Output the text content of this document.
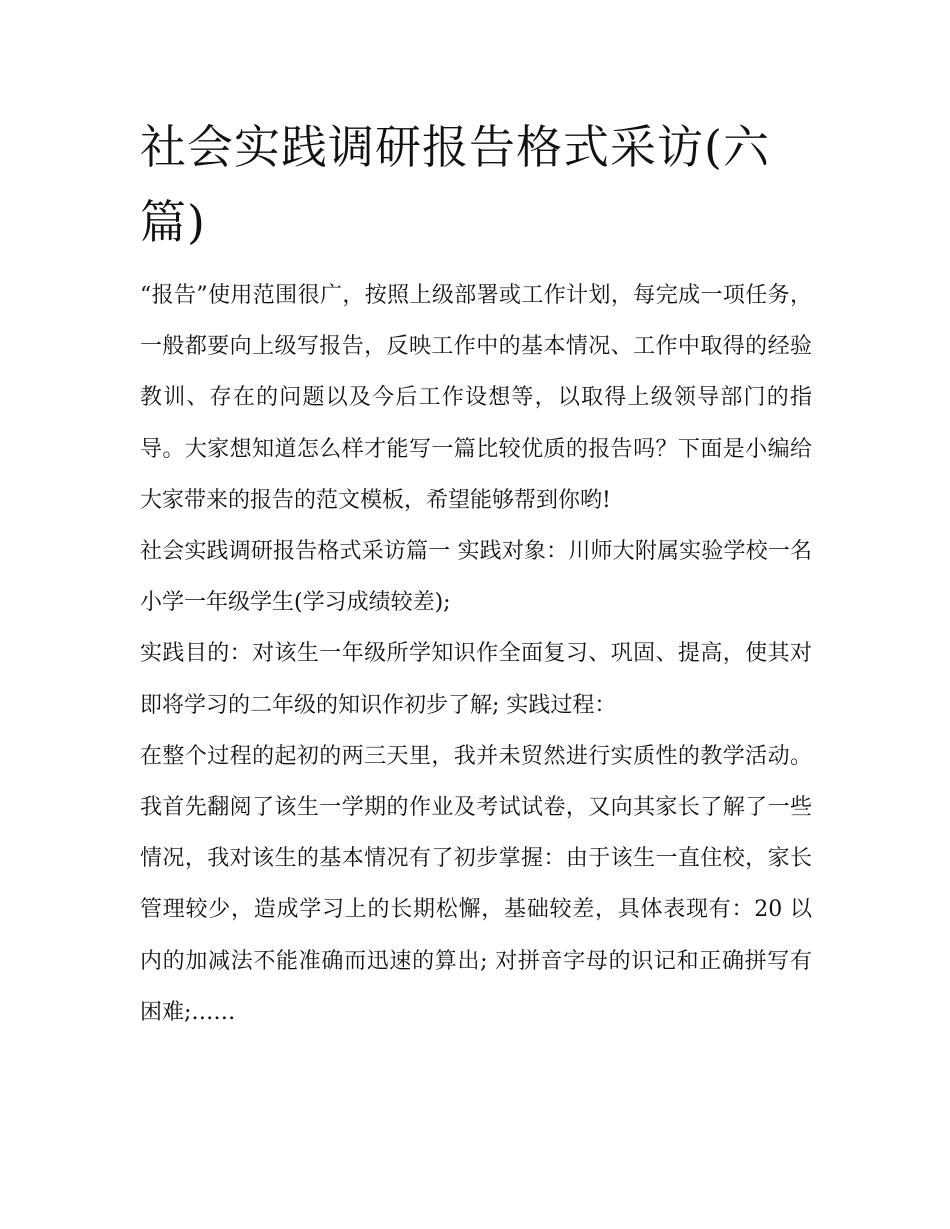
社会实践调研报告格式采访(六篇)

“报告”使用范围很广，按照上级部署或工作计划，每完成一项任务，一般都要向上级写报告，反映工作中的基本情况、工作中取得的经验教训、存在的问题以及今后工作设想等，以取得上级领导部门的指导。大家想知道怎么样才能写一篇比较优质的报告吗？下面是小编给大家带来的报告的范文模板，希望能够帮到你哟!

社会实践调研报告格式采访篇一 实践对象：川师大附属实验学校一名小学一年级学生(学习成绩较差);

实践目的：对该生一年级所学知识作全面复习、巩固、提高，使其对即将学习的二年级的知识作初步了解; 实践过程：

在整个过程的起初的两三天里，我并未贸然进行实质性的教学活动。我首先翻阅了该生一学期的作业及考试试卷，又向其家长了解了一些情况，我对该生的基本情况有了初步掌握：由于该生一直住校，家长管理较少，造成学习上的长期松懈，基础较差，具体表现有：20 以内的加减法不能准确而迅速的算出; 对拼音字母的识记和正确拼写有困难;……
